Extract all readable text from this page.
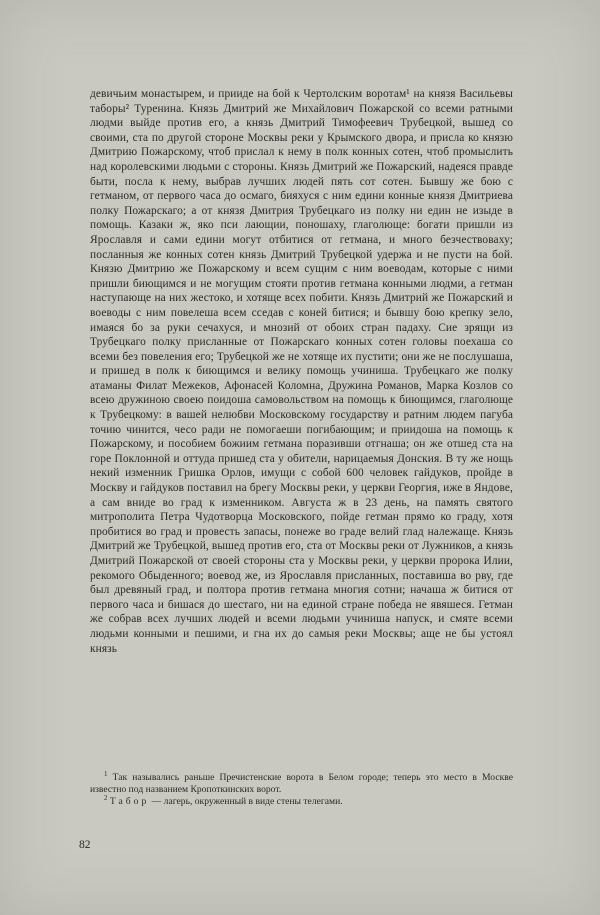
девичьим монастырем, и прииде на бой к Чертолским воротам¹ на князя Васильевы таборы² Туренина. Князь Дмитрий же Михайлович Пожарской со всеми ратными людми выйде против его, а князь Дмитрий Тимофеевич Трубецкой, вышед со своими, ста по другой стороне Москвы реки у Крымского двора, и присла ко князю Дмитрию Пожарскому, чтоб прислал к нему в полк конных сотен, чтоб промыслить над королевскими людьми с стороны. Князь Дмитрий же Пожарский, надеяся правде быти, посла к нему, выбрав лучших людей пять сот сотен. Бывшу же бою с гетманом, от первого часа до осмаго, бияхуся с ним едини конные князя Дмитриева полку Пожарскаго; а от князя Дмитрия Трубецкаго из полку ни един не изыде в помощь. Казаки ж, яко пси лающии, поношаху, глаголюще: богати пришли из Ярославля и сами едини могут отбитися от гетмана, и много безчествоваху; посланныя же конных сотен князь Дмитрий Трубецкой удержа и не пусти на бой. Князю Дмитрию же Пожарскому и всем сущим с ним воеводам, которые с ними пришли биющимся и не могущим стояти против гетмана конными людми, а гетман наступающе на них жестоко, и хотяще всех побити. Князь Дмитрий же Пожарский и воеводы с ним повелеша всем сседав с коней битися; и бывшу бою крепку зело, имаяся бо за руки сечахуся, и мнозий от обоих стран падаху. Сие зрящи из Трубецкаго полку присланные от Пожарскаго конных сотен головы поехаша со всеми без повеления его; Трубецкой же не хотяще их пустити; они же не послушаша, и пришед в полк к биющимся и велику помощь учиниша. Трубецкаго же полку атаманы Филат Межеков, Афонасей Коломна, Дружина Романов, Марка Козлов со всею дружиною своею поидоша самовольством на помощь к биющимся, глаголюще к Трубецкому: в вашей нелюбви Московскому государству и ратним людем пагуба точию чинится, чесо ради не помогаеши погибающим; и приидоша на помощь к Пожарскому, и пособием божиим гетмана поразивши отгнаша; он же отшед ста на горе Поклонной и оттуда пришед ста у обители, нарицаемыя Донския. В ту же нощь некий изменник Гришка Орлов, имущи с собой 600 человек гайдуков, пройде в Москву и гайдуков поставил на брегу Москвы реки, у церкви Георгия, иже в Яндове, а сам вниде во град к изменником. Августа ж в 23 день, на память святого митрополита Петра Чудотворца Московского, пойде гетман прямо ко граду, хотя пробитися во град и провесть запасы, понеже во граде велий глад належаще. Князь Дмитрий же Трубецкой, вышед против его, ста от Москвы реки от Лужников, а князь Дмитрий Пожарской от своей стороны ста у Москвы реки, у церкви пророка Илии, рекомого Обыденного; воевод же, из Ярославля присланных, поставиша во рву, где был древяный град, и полтора против гетмана многия сотни; начаша ж битися от первого часа и бишася до шестаго, ни на единой стране победа не явяшеся. Гетман же собрав всех лучших людей и всеми людьми учиниша напуск, и смяте всеми людьми конными и пешими, и гна их до самыя реки Москвы; аще не бы устоял князь

$^1$ Так назывались раньше Пречистенские ворота в Белом городе; теперь это место в Москве известно под названием Кропоткинских ворот.

$^2$ Табор — лагерь, окруженный в виде стены телегами.

82
